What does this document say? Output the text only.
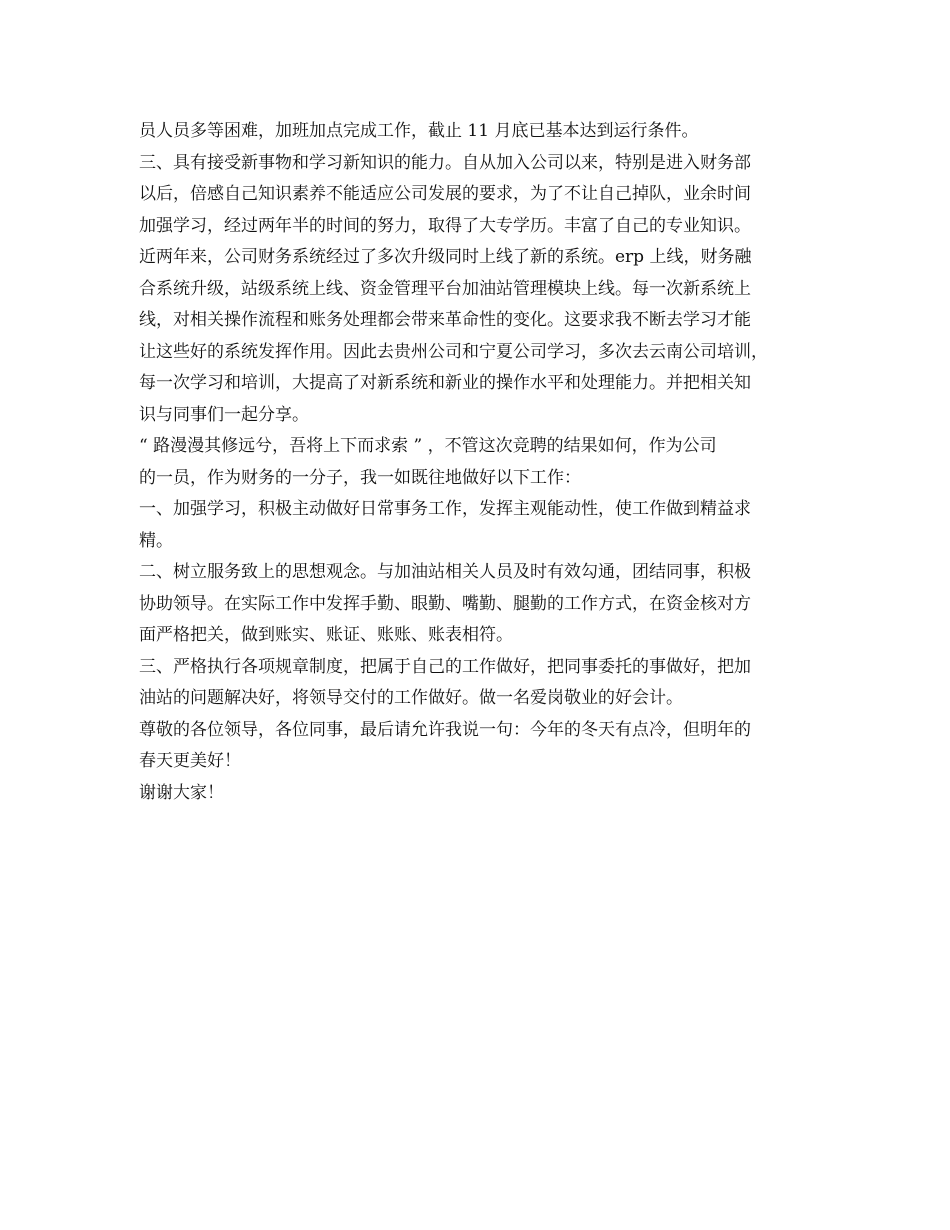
员人员多等困难，加班加点完成工作，截止 11 月底已基本达到运行条件。
三、具有接受新事物和学习新知识的能力。自从加入公司以来，特别是进入财务部
以后，倍感自己知识素养不能适应公司发展的要求，为了不让自己掉队，业余时间
加强学习，经过两年半的时间的努力，取得了大专学历。丰富了自己的专业知识。
近两年来，公司财务系统经过了多次升级同时上线了新的系统。erp 上线，财务融
合系统升级，站级系统上线、资金管理平台加油站管理模块上线。每一次新系统上
线，对相关操作流程和账务处理都会带来革命性的变化。这要求我不断去学习才能
让这些好的系统发挥作用。因此去贵州公司和宁夏公司学习，多次去云南公司培训，
每一次学习和培训，大提高了对新系统和新业的操作水平和处理能力。并把相关知
识与同事们一起分享。
“ 路漫漫其修远兮，吾将上下而求索 ” ，不管这次竞聘的结果如何，作为公司
的一员，作为财务的一分子，我一如既往地做好以下工作：
一、加强学习，积极主动做好日常事务工作，发挥主观能动性，使工作做到精益求
精。
二、树立服务致上的思想观念。与加油站相关人员及时有效勾通，团结同事，积极
协助领导。在实际工作中发挥手勤、眼勤、嘴勤、腿勤的工作方式，在资金核对方
面严格把关，做到账实、账证、账账、账表相符。
三、严格执行各项规章制度，把属于自己的工作做好，把同事委托的事做好，把加
油站的问题解决好，将领导交付的工作做好。做一名爱岗敬业的好会计。
尊敬的各位领导，各位同事，最后请允许我说一句：今年的冬天有点冷，但明年的
春天更美好！
谢谢大家！
